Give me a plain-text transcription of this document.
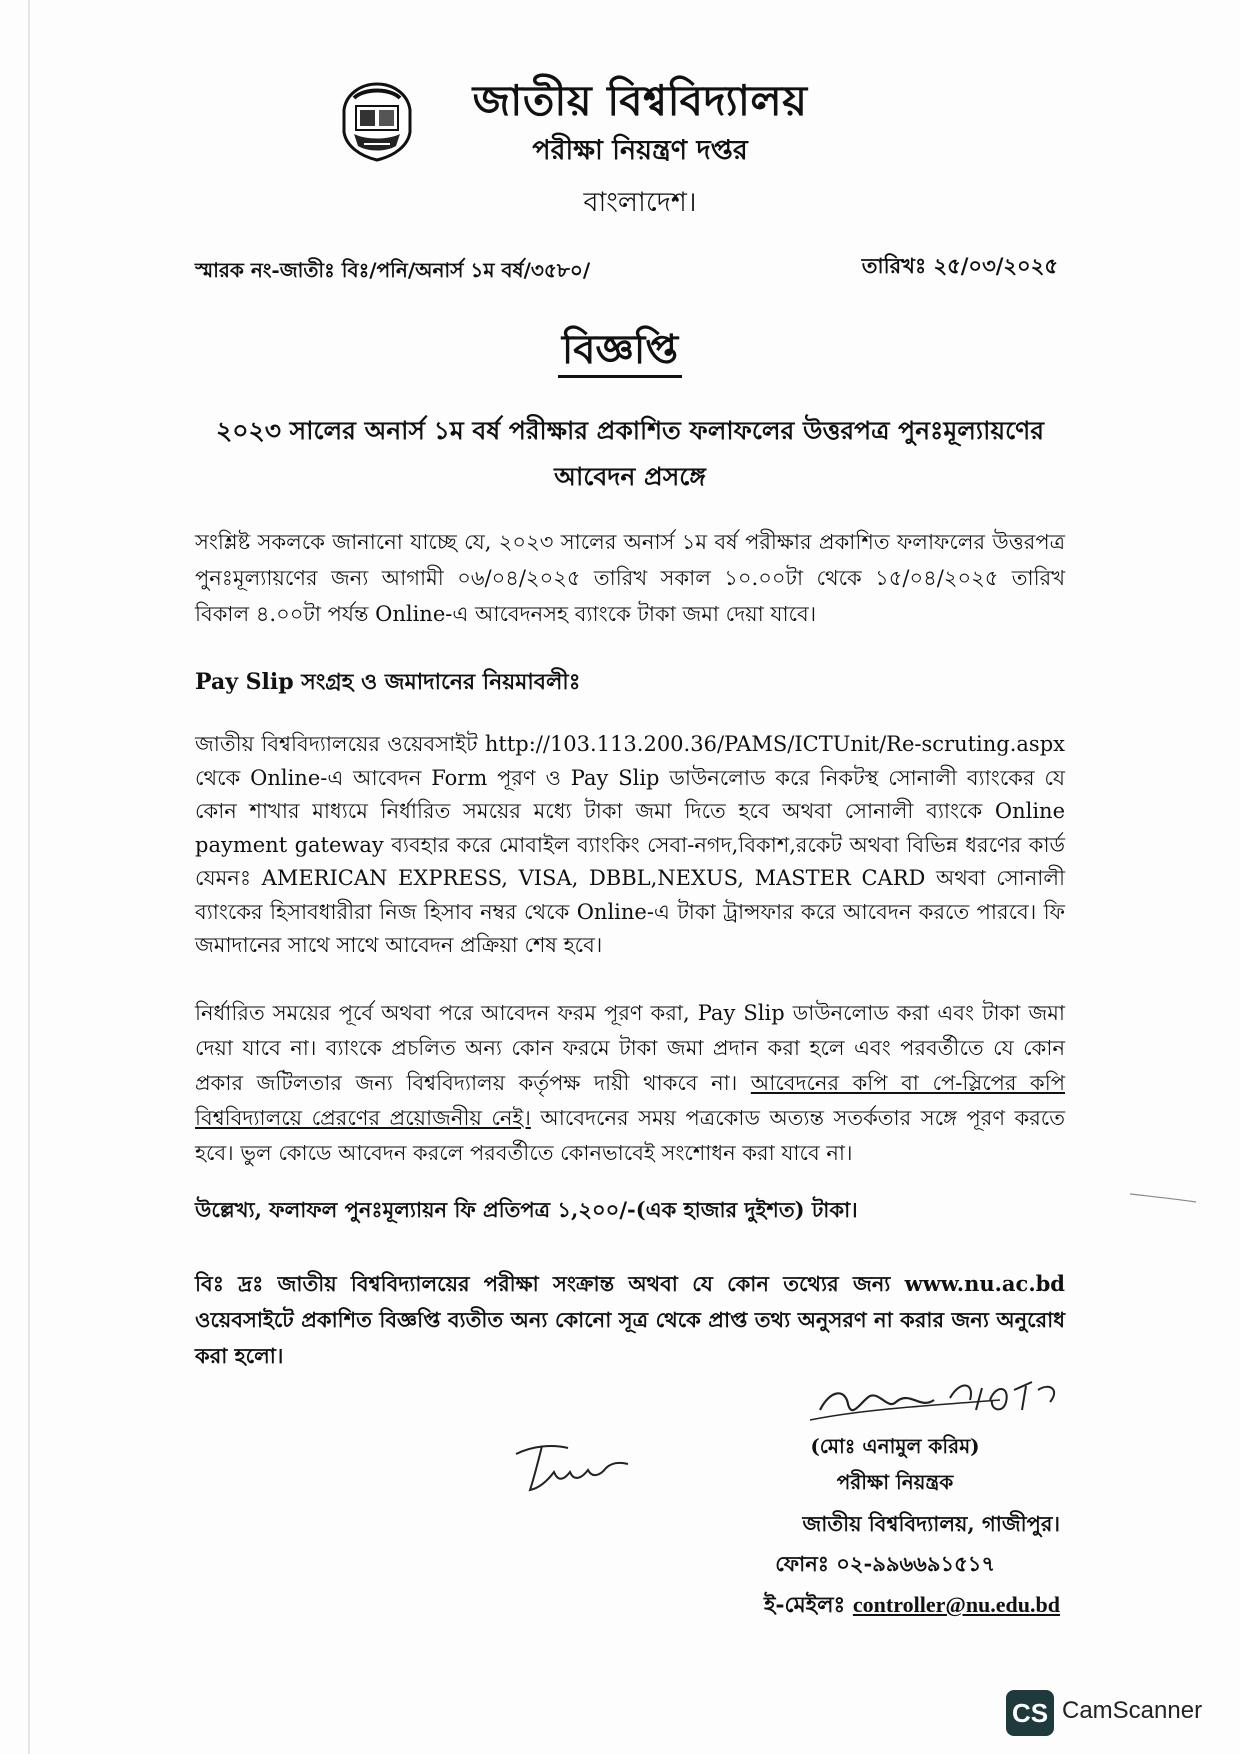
জাতীয় বিশ্ববিদ্যালয়
পরীক্ষা নিয়ন্ত্রণ দপ্তর
বাংলাদেশ।
স্মারক নং-জাতীঃ বিঃ/পনি/অনার্স ১ম বর্ষ/৩৫৮০/	তারিখঃ ২৫/০৩/২০২৫
বিজ্ঞপ্তি
২০২৩ সালের অনার্স ১ম বর্ষ পরীক্ষার প্রকাশিত ফলাফলের উত্তরপত্র পুনঃমূল্যায়ণের আবেদন প্রসঙ্গে

সংশ্লিষ্ট সকলকে জানানো যাচ্ছে যে, ২০২৩ সালের অনার্স ১ম বর্ষ পরীক্ষার প্রকাশিত ফলাফলের উত্তরপত্র পুনঃমূল্যায়ণের জন্য আগামী ০৬/০৪/২০২৫ তারিখ সকাল ১০.০০টা থেকে ১৫/০৪/২০২৫ তারিখ বিকাল ৪.০০টা পর্যন্ত Online-এ আবেদনসহ ব্যাংকে টাকা জমা দেয়া যাবে।

Pay Slip সংগ্রহ ও জমাদানের নিয়মাবলীঃ

জাতীয় বিশ্ববিদ্যালয়ের ওয়েবসাইট http://103.113.200.36/PAMS/ICTUnit/Re-scruting.aspx থেকে Online-এ আবেদন Form পূরণ ও Pay Slip ডাউনলোড করে নিকটস্থ সোনালী ব্যাংকের যে কোন শাখার মাধ্যমে নির্ধারিত সময়ের মধ্যে টাকা জমা দিতে হবে অথবা সোনালী ব্যাংকে Online payment gateway ব্যবহার করে মোবাইল ব্যাংকিং সেবা-নগদ,বিকাশ,রকেট অথবা বিভিন্ন ধরণের কার্ড যেমনঃ AMERICAN EXPRESS, VISA, DBBL,NEXUS, MASTER CARD অথবা সোনালী ব্যাংকের হিসাবধারীরা নিজ হিসাব নম্বর থেকে Online-এ টাকা ট্রান্সফার করে আবেদন করতে পারবে। ফি জমাদানের সাথে সাথে আবেদন প্রক্রিয়া শেষ হবে।

নির্ধারিত সময়ের পূর্বে অথবা পরে আবেদন ফরম পূরণ করা, Pay Slip ডাউনলোড করা এবং টাকা জমা দেয়া যাবে না। ব্যাংকে প্রচলিত অন্য কোন ফরমে টাকা জমা প্রদান করা হলে এবং পরবর্তীতে যে কোন প্রকার জটিলতার জন্য বিশ্ববিদ্যালয় কর্তৃপক্ষ দায়ী থাকবে না। আবেদনের কপি বা পে-স্লিপের কপি বিশ্ববিদ্যালয়ে প্রেরণের প্রয়োজনীয় নেই। আবেদনের সময় পত্রকোড অত্যন্ত সতর্কতার সঙ্গে পূরণ করতে হবে। ভুল কোডে আবেদন করলে পরবর্তীতে কোনভাবেই সংশোধন করা যাবে না।

উল্লেখ্য, ফলাফল পুনঃমূল্যায়ন ফি প্রতিপত্র ১,২০০/-(এক হাজার দুইশত) টাকা।

বিঃ দ্রঃ জাতীয় বিশ্ববিদ্যালয়ের পরীক্ষা সংক্রান্ত অথবা যে কোন তথ্যের জন্য www.nu.ac.bd ওয়েবসাইটে প্রকাশিত বিজ্ঞপ্তি ব্যতীত অন্য কোনো সূত্র থেকে প্রাপ্ত তথ্য অনুসরণ না করার জন্য অনুরোধ করা হলো।

(মোঃ এনামুল করিম)
পরীক্ষা নিয়ন্ত্রক
জাতীয় বিশ্ববিদ্যালয়, গাজীপুর।
ফোনঃ ০২-৯৯৬৬৯১৫১৭
ই-মেইলঃ controller@nu.edu.bd
CS CamScanner
